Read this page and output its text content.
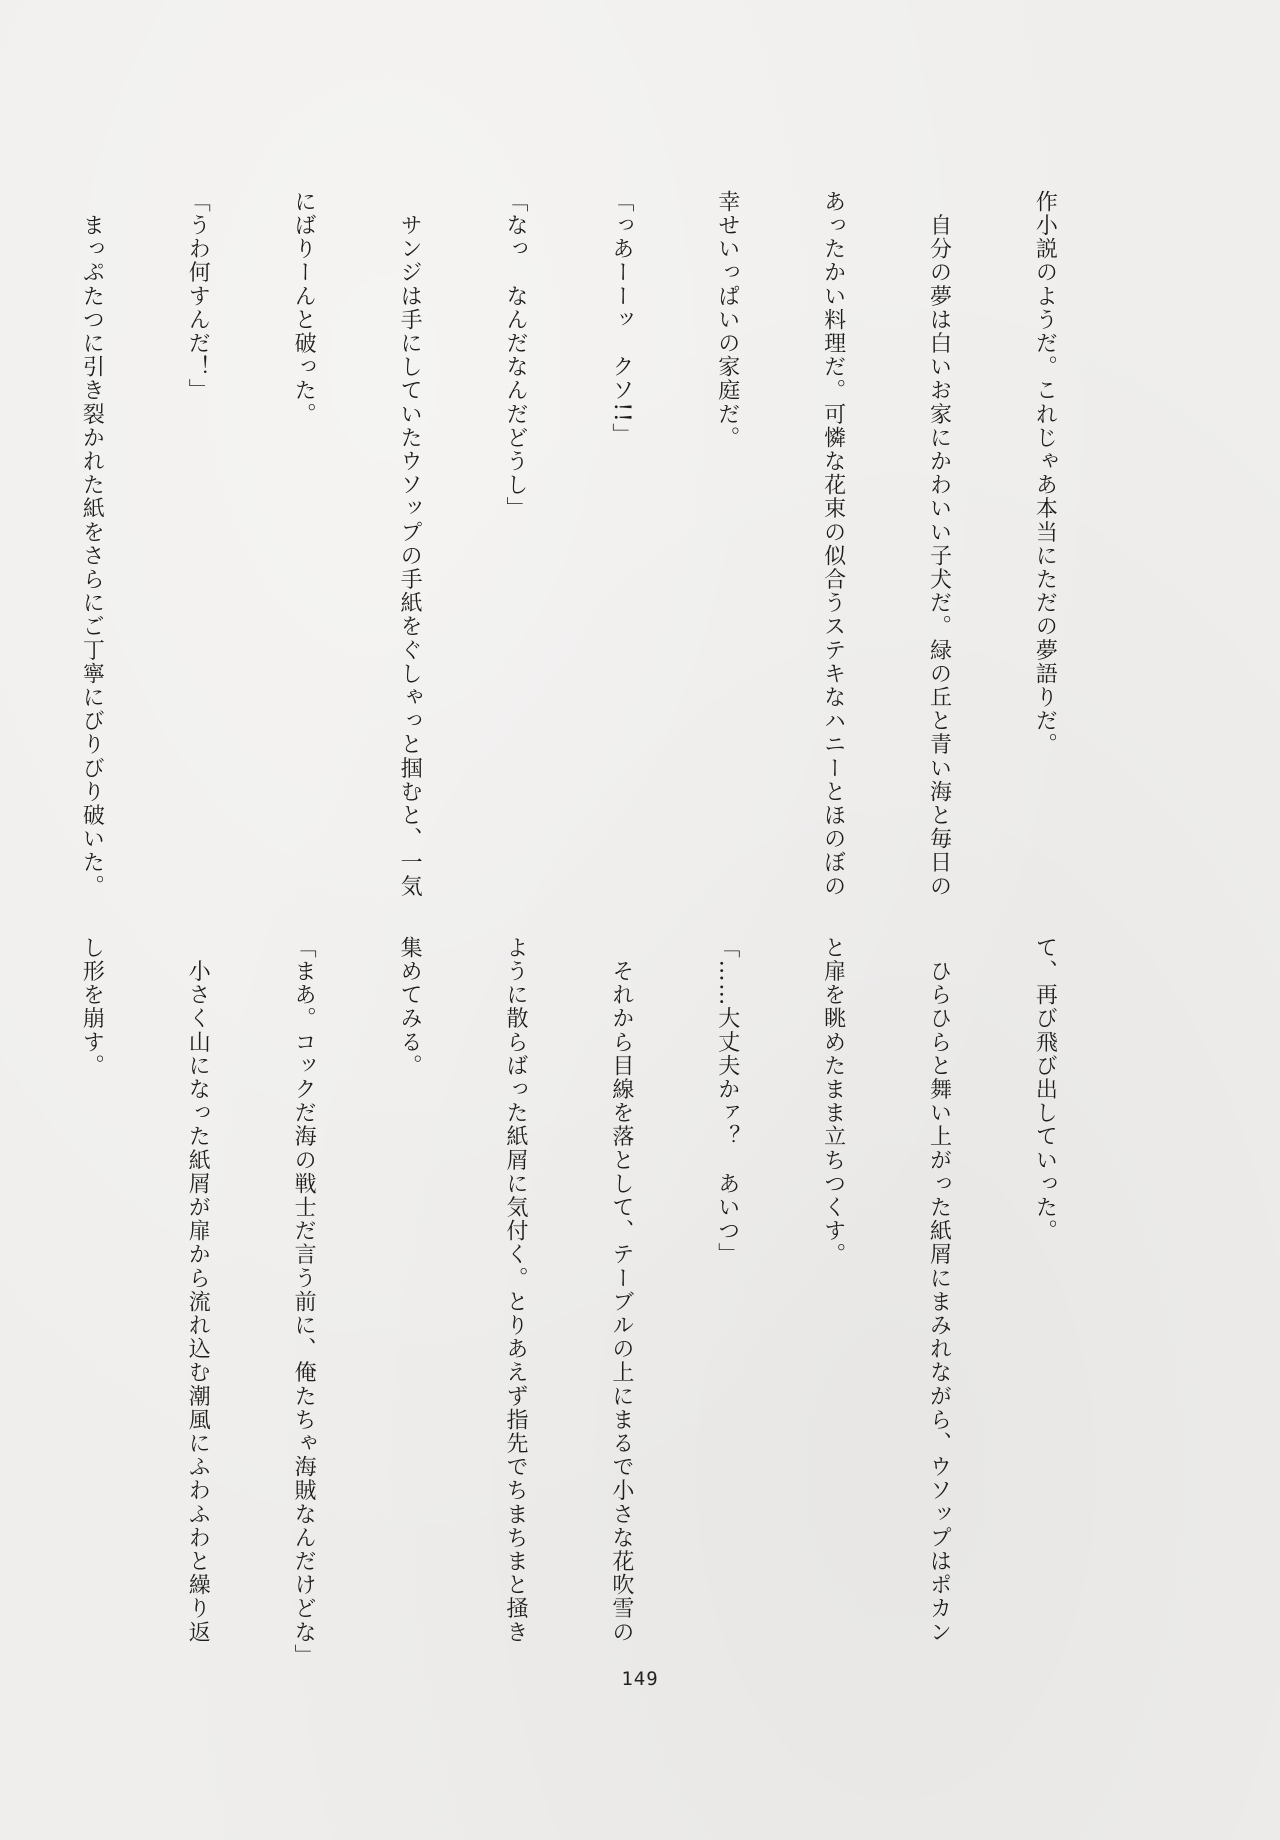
作小説のようだ。これじゃあ本当にただの夢語りだ。

　自分の夢は白いお家にかわいい子犬だ。緑の丘と青い海と毎日の

あったかい料理だ。可憐な花束の似合うステキなハニーとほのぼの

幸せいっぱいの家庭だ。

「っあーーッ　クソ!!」

「なっ　なんだなんだどうし」

　サンジは手にしていたウソップの手紙をぐしゃっと掴むと、一気

にばりーんと破った。

「うわ何すんだ！」

　まっぷたつに引き裂かれた紙をさらにご丁寧にびりびり破いた。

て、再び飛び出していった。

　ひらひらと舞い上がった紙屑にまみれながら、ウソップはポカン

と扉を眺めたまま立ちつくす。

「……大丈夫かァ？　あいつ」

　それから目線を落として、テーブルの上にまるで小さな花吹雪の

ように散らばった紙屑に気付く。とりあえず指先でちまちまと掻き

集めてみる。

「まあ。コックだ海の戦士だ言う前に、俺たちゃ海賊なんだけどな」

　小さく山になった紙屑が扉から流れ込む潮風にふわふわと繰り返

し形を崩す。

149
